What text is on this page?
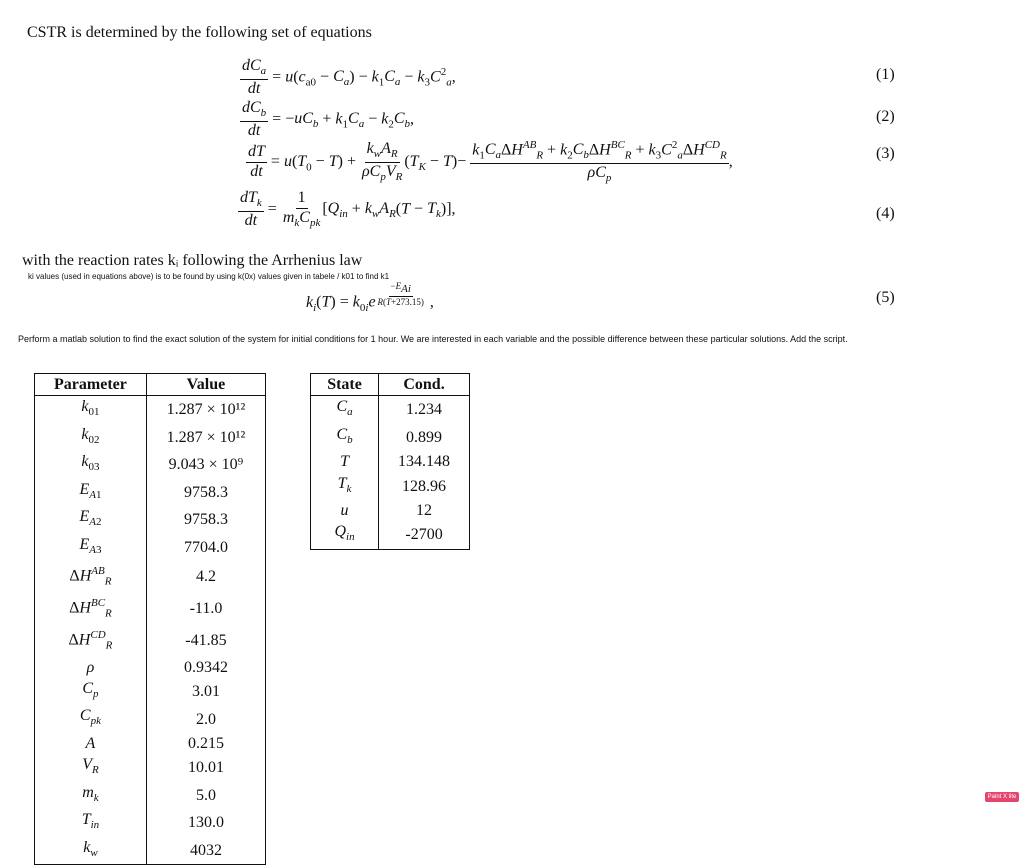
CSTR is determined by the following set of equations
$\frac{dC_a}{dt} = u(c_{a0} - C_a) - k_1C_a - k_3C^2_a$,	(1)
$\frac{dC_b}{dt} = -uC_b + k_1C_a - k_2C_b$,	(2)
$\frac{dT}{dt} = u(T_0 - T) + \frac{k_wA_R}{\rho C_pV_R} (T_K - T)- \frac{k_1C_a\Delta H^{AB}_R + k_2C_b\Delta H^{BC}_R + k_3C^2_a\Delta H^{CD}_R}{\rho C_p}$ ,	(3)
$\frac{dT_k}{dt} = \frac{1}{m_kC_{pk}} [Q_{in} + k_wA_R(T - T_k)]$,	(4)
with the reaction rates kᵢ following the Arrhenius law
ki values (used in equations above) is to be found by using k(0x) values given in tabele / k01 to find k1
$k_i(T) = k_{0i}e$ $^{\frac{-E_{Ai}}{R(T+273.15)}}$ ,	(5)
Perform a matlab solution to find the exact solution of the system for initial conditions for 1 hour. We are interested in each variable and the possible difference between these particular solutions. Add the script.
Parameter	Value
$k_{01}$	1.287 × 10¹²
$k_{02}$	1.287 × 10¹²
$k_{03}$	9.043 × 10⁹
$E_{A1}$	9758.3
$E_{A2}$	9758.3
$E_{A3}$	7704.0
$\Delta H^{AB}_R$	4.2
$\Delta H^{BC}_R$	-11.0
$\Delta H^{CD}_R$	-41.85
ρ	0.9342
$C_p$	3.01
$C_{pk}$	2.0
A	0.215
$V_R$	10.01
$m_k$	5.0
$T_{in}$	130.0
$k_w$	4032
State	Cond.
$C_a$	1.234
$C_b$	0.899
T	134.148
$T_k$	128.96
u	12
$Q_{in}$	-2700
Paint X lite
